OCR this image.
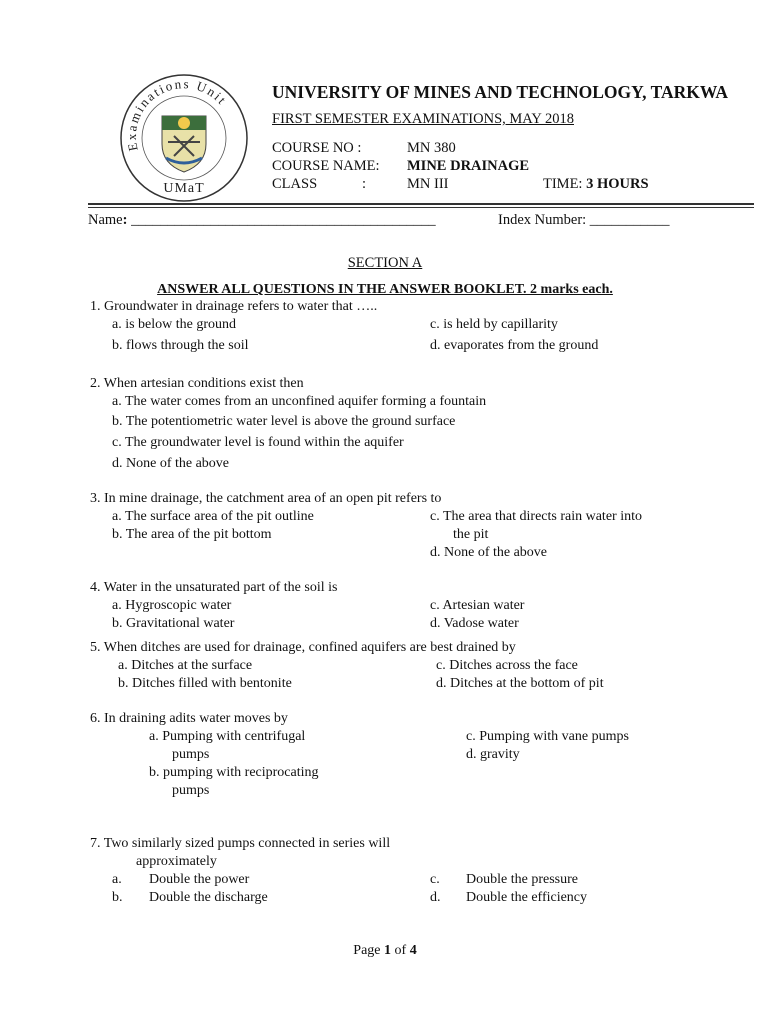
Examinations Unit
UMaT
UNIVERSITY OF MINES AND TECHNOLOGY, TARKWA
FIRST SEMESTER EXAMINATIONS, MAY 2018
COURSE NO :	MN 380
COURSE NAME: MINE DRAINAGE
CLASS	:	MN III	TIME: 3 HOURS
Name: __________________________________________	Index Number: ___________
SECTION A
ANSWER ALL QUESTIONS IN THE ANSWER BOOKLET. 2 marks each.
1. Groundwater in drainage refers to water that …..
a. is below the ground
b. flows through the soil
c. is held by capillarity
d. evaporates from the ground
2. When artesian conditions exist then
a. The water comes from an unconfined aquifer forming a fountain
b. The potentiometric water level is above the ground surface
c. The groundwater level is found within the aquifer
d. None of the above
3. In mine drainage, the catchment area of an open pit refers to
a. The surface area of the pit outline
b. The area of the pit bottom
c. The area that directs rain water into
the pit
d. None of the above
4. Water in the unsaturated part of the soil is
a. Hygroscopic water
b. Gravitational water
c. Artesian water
d. Vadose water
5. When ditches are used for drainage, confined aquifers are best drained by
a. Ditches at the surface
b. Ditches filled with bentonite
c. Ditches across the face
d. Ditches at the bottom of pit
6. In draining adits water moves by
a. Pumping with centrifugal
pumps
b. pumping with reciprocating
pumps
c. Pumping with vane pumps
d. gravity
7. Two similarly sized pumps connected in series will
approximately
a. Double the power
b. Double the discharge
c. Double the pressure
d. Double the efficiency
Page 1 of 4
